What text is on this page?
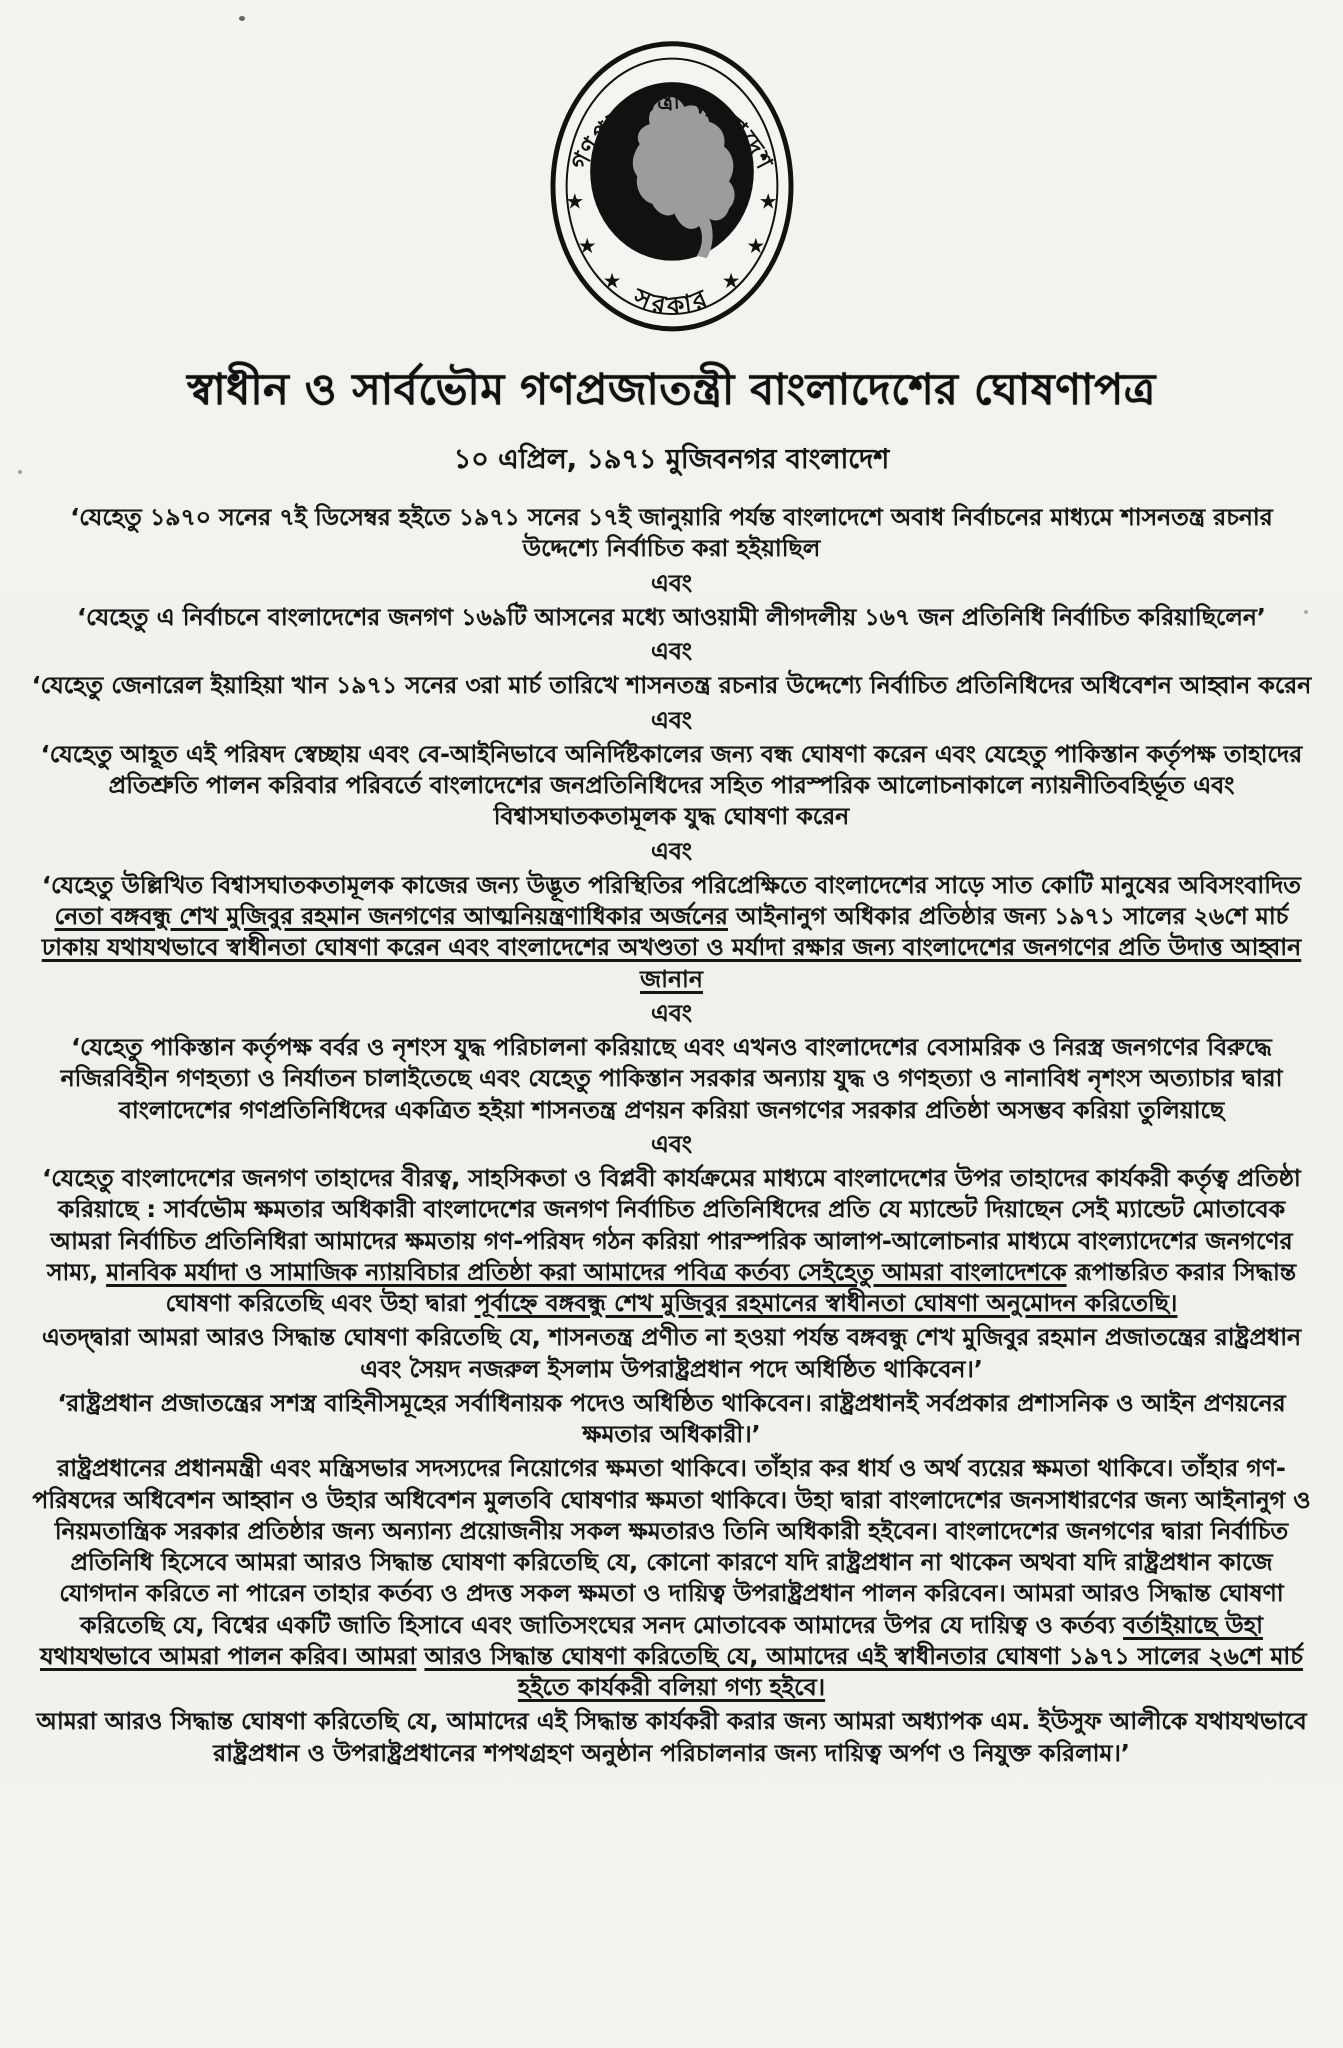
গণপ্রজাতন্ত্রী বাংলাদেশ
সরকার
★	★
★	★
★	★
স্বাধীন ও সার্বভৌম গণপ্রজাতন্ত্রী বাংলাদেশের ঘোষণাপত্র
১০ এপ্রিল, ১৯৭১ মুজিবনগর বাংলাদেশ

‘যেহেতু ১৯৭০ সনের ৭ই ডিসেম্বর হইতে ১৯৭১ সনের ১৭ই জানুয়ারি পর্যন্ত বাংলাদেশে অবাধ নির্বাচনের মাধ্যমে শাসনতন্ত্র রচনার উদ্দেশ্যে নির্বাচিত করা হইয়াছিল

এবং

‘যেহেতু এ নির্বাচনে বাংলাদেশের জনগণ ১৬৯টি আসনের মধ্যে আওয়ামী লীগদলীয় ১৬৭ জন প্রতিনিধি নির্বাচিত করিয়াছিলেন’

এবং

‘যেহেতু জেনারেল ইয়াহিয়া খান ১৯৭১ সনের ৩রা মার্চ তারিখে শাসনতন্ত্র রচনার উদ্দেশ্যে নির্বাচিত প্রতিনিধিদের অধিবেশন আহ্বান করেন

এবং

‘যেহেতু আহূত এই পরিষদ স্বেচ্ছায় এবং বে-আইনিভাবে অনির্দিষ্টকালের জন্য বন্ধ ঘোষণা করেন এবং যেহেতু পাকিস্তান কর্তৃপক্ষ তাহাদের প্রতিশ্রুতি পালন করিবার পরিবর্তে বাংলাদেশের জনপ্রতিনিধিদের সহিত পারস্পরিক আলোচনাকালে ন্যায়নীতিবহির্ভূত এবং বিশ্বাসঘাতকতামূলক যুদ্ধ ঘোষণা করেন

এবং

‘যেহেতু উল্লিখিত বিশ্বাসঘাতকতামূলক কাজের জন্য উদ্ভূত পরিস্থিতির পরিপ্রেক্ষিতে বাংলাদেশের সাড়ে সাত কোটি মানুষের অবিসংবাদিত নেতা বঙ্গবন্ধু শেখ মুজিবুর রহমান জনগণের আত্মনিয়ন্ত্রণাধিকার অর্জনের আইনানুগ অধিকার প্রতিষ্ঠার জন্য ১৯৭১ সালের ২৬শে মার্চ ঢাকায় যথাযথভাবে স্বাধীনতা ঘোষণা করেন এবং বাংলাদেশের অখণ্ডতা ও মর্যাদা রক্ষার জন্য বাংলাদেশের জনগণের প্রতি উদাত্ত আহ্বান জানান

এবং

‘যেহেতু পাকিস্তান কর্তৃপক্ষ বর্বর ও নৃশংস যুদ্ধ পরিচালনা করিয়াছে এবং এখনও বাংলাদেশের বেসামরিক ও নিরস্ত্র জনগণের বিরুদ্ধে নজিরবিহীন গণহত্যা ও নির্যাতন চালাইতেছে এবং যেহেতু পাকিস্তান সরকার অন্যায় যুদ্ধ ও গণহত্যা ও নানাবিধ নৃশংস অত্যাচার দ্বারা বাংলাদেশের গণপ্রতিনিধিদের একত্রিত হইয়া শাসনতন্ত্র প্রণয়ন করিয়া জনগণের সরকার প্রতিষ্ঠা অসম্ভব করিয়া তুলিয়াছে

এবং

‘যেহেতু বাংলাদেশের জনগণ তাহাদের বীরত্ব, সাহসিকতা ও বিপ্লবী কার্যক্রমের মাধ্যমে বাংলাদেশের উপর তাহাদের কার্যকরী কর্তৃত্ব প্রতিষ্ঠা করিয়াছে : সার্বভৌম ক্ষমতার অধিকারী বাংলাদেশের জনগণ নির্বাচিত প্রতিনিধিদের প্রতি যে ম্যান্ডেট দিয়াছেন সেই ম্যান্ডেট মোতাবেক আমরা নির্বাচিত প্রতিনিধিরা আমাদের ক্ষমতায় গণ-পরিষদ গঠন করিয়া পারস্পরিক আলাপ-আলোচনার মাধ্যমে বাংল্যাদেশের জনগণের সাম্য, মানবিক মর্যাদা ও সামাজিক ন্যায়বিচার প্রতিষ্ঠা করা আমাদের পবিত্র কর্তব্য সেইহেতু আমরা বাংলাদেশকে রূপান্তরিত করার সিদ্ধান্ত ঘোষণা করিতেছি এবং উহা দ্বারা পূর্বাহ্নে বঙ্গবন্ধু শেখ মুজিবুর রহমানের স্বাধীনতা ঘোষণা অনুমোদন করিতেছি।

এতদ্দ্বারা আমরা আরও সিদ্ধান্ত ঘোষণা করিতেছি যে, শাসনতন্ত্র প্রণীত না হওয়া পর্যন্ত বঙ্গবন্ধু শেখ মুজিবুর রহমান প্রজাতন্ত্রের রাষ্ট্রপ্রধান এবং সৈয়দ নজরুল ইসলাম উপরাষ্ট্রপ্রধান পদে অধিষ্ঠিত থাকিবেন।’

‘রাষ্ট্রপ্রধান প্রজাতন্ত্রের সশস্ত্র বাহিনীসমূহের সর্বাধিনায়ক পদেও অধিষ্ঠিত থাকিবেন। রাষ্ট্রপ্রধানই সর্বপ্রকার প্রশাসনিক ও আইন প্রণয়নের ক্ষমতার অধিকারী।’

রাষ্ট্রপ্রধানের প্রধানমন্ত্রী এবং মন্ত্রিসভার সদস্যদের নিয়োগের ক্ষমতা থাকিবে। তাঁহার কর ধার্য ও অর্থ ব্যয়ের ক্ষমতা থাকিবে। তাঁহার গণ-পরিষদের অধিবেশন আহ্বান ও উহার অধিবেশন মুলতবি ঘোষণার ক্ষমতা থাকিবে। উহা দ্বারা বাংলাদেশের জনসাধারণের জন্য আইনানুগ ও নিয়মতান্ত্রিক সরকার প্রতিষ্ঠার জন্য অন্যান্য প্রয়োজনীয় সকল ক্ষমতারও তিনি অধিকারী হইবেন। বাংলাদেশের জনগণের দ্বারা নির্বাচিত প্রতিনিধি হিসেবে আমরা আরও সিদ্ধান্ত ঘোষণা করিতেছি যে, কোনো কারণে যদি রাষ্ট্রপ্রধান না থাকেন অথবা যদি রাষ্ট্রপ্রধান কাজে যোগদান করিতে না পারেন তাহার কর্তব্য ও প্রদত্ত সকল ক্ষমতা ও দায়িত্ব উপরাষ্ট্রপ্রধান পালন করিবেন। আমরা আরও সিদ্ধান্ত ঘোষণা করিতেছি যে, বিশ্বের একটি জাতি হিসাবে এবং জাতিসংঘের সনদ মোতাবেক আমাদের উপর যে দায়িত্ব ও কর্তব্য বর্তাইয়াছে উহা যথাযথভাবে আমরা পালন করিব। আমরা আরও সিদ্ধান্ত ঘোষণা করিতেছি যে, আমাদের এই স্বাধীনতার ঘোষণা ১৯৭১ সালের ২৬শে মার্চ হইতে কার্যকরী বলিয়া গণ্য হইবে।

আমরা আরও সিদ্ধান্ত ঘোষণা করিতেছি যে, আমাদের এই সিদ্ধান্ত কার্যকরী করার জন্য আমরা অধ্যাপক এম. ইউসুফ আলীকে যথাযথভাবে রাষ্ট্রপ্রধান ও উপরাষ্ট্রপ্রধানের শপথগ্রহণ অনুষ্ঠান পরিচালনার জন্য দায়িত্ব অর্পণ ও নিযুক্ত করিলাম।’
